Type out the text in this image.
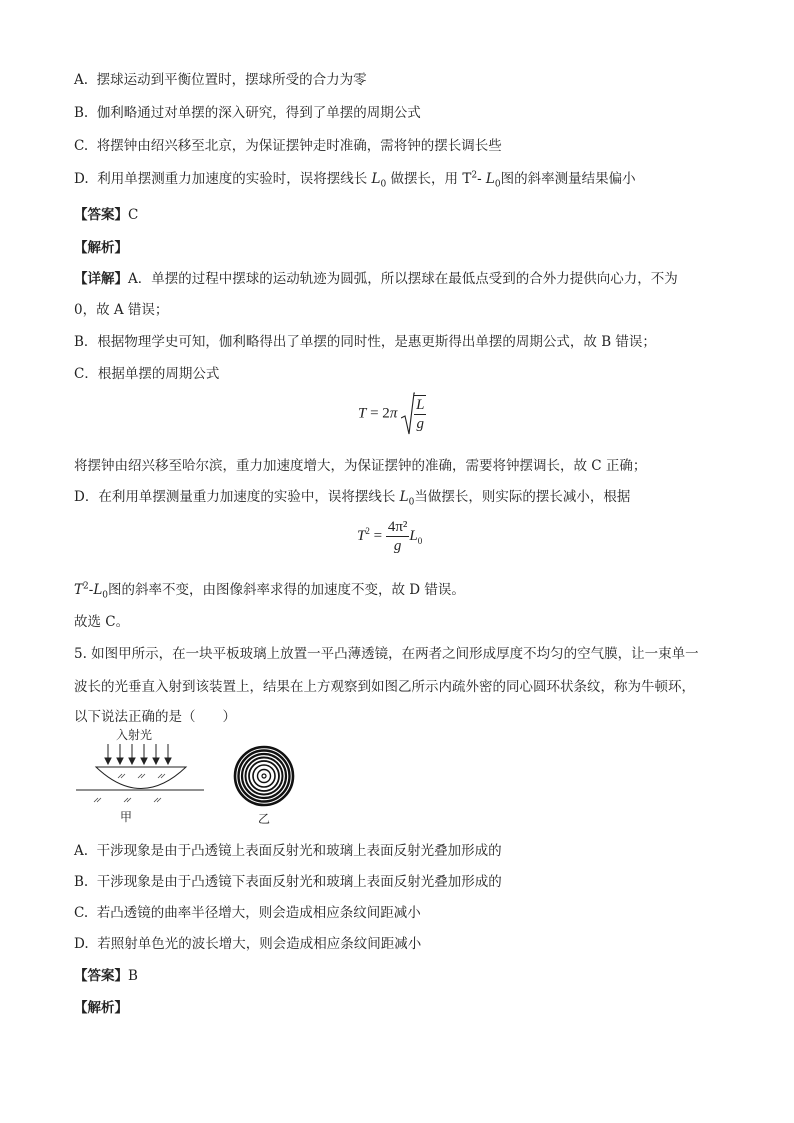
A. 摆球运动到平衡位置时，摆球所受的合力为零
B. 伽利略通过对单摆的深入研究，得到了单摆的周期公式
C. 将摆钟由绍兴移至北京，为保证摆钟走时准确，需将钟的摆长调长些
D. 利用单摆测重力加速度的实验时，误将摆线长 $L_0$ 做摆长，用 $T^2-$ $L_0$图的斜率测量结果偏小
【答案】C
【解析】
【详解】A．单摆的过程中摆球的运动轨迹为圆弧，所以摆球在最低点受到的合外力提供向心力，不为
0，故 A 错误；
B．根据物理学史可知，伽利略得出了单摆的同时性，是惠更斯得出单摆的周期公式，故 B 错误；
C．根据单摆的周期公式
$T = 2\pi \frac{L}{g}$
将摆钟由绍兴移至哈尔滨，重力加速度增大，为保证摆钟的准确，需要将钟摆调长，故 C 正确；
D．在利用单摆测量重力加速度的实验中，误将摆线长 $L_0$当做摆长，则实际的摆长减小，根据
$T^2 = \frac{\text{4π²}}{g} L_0$
$T^2-L_0$图的斜率不变，由图像斜率求得的加速度不变，故 D 错误。
故选 C。
5. 如图甲所示，在一块平板玻璃上放置一平凸薄透镜，在两者之间形成厚度不均匀的空气膜，让一束单一
波长的光垂直入射到该装置上，结果在上方观察到如图乙所示内疏外密的同心圆环状条纹，称为牛顿环，
以下说法正确的是（　　）
入射光
甲	乙
A. 干涉现象是由于凸透镜上表面反射光和玻璃上表面反射光叠加形成的
B. 干涉现象是由于凸透镜下表面反射光和玻璃上表面反射光叠加形成的
C. 若凸透镜的曲率半径增大，则会造成相应条纹间距减小
D. 若照射单色光的波长增大，则会造成相应条纹间距减小
【答案】B
【解析】
